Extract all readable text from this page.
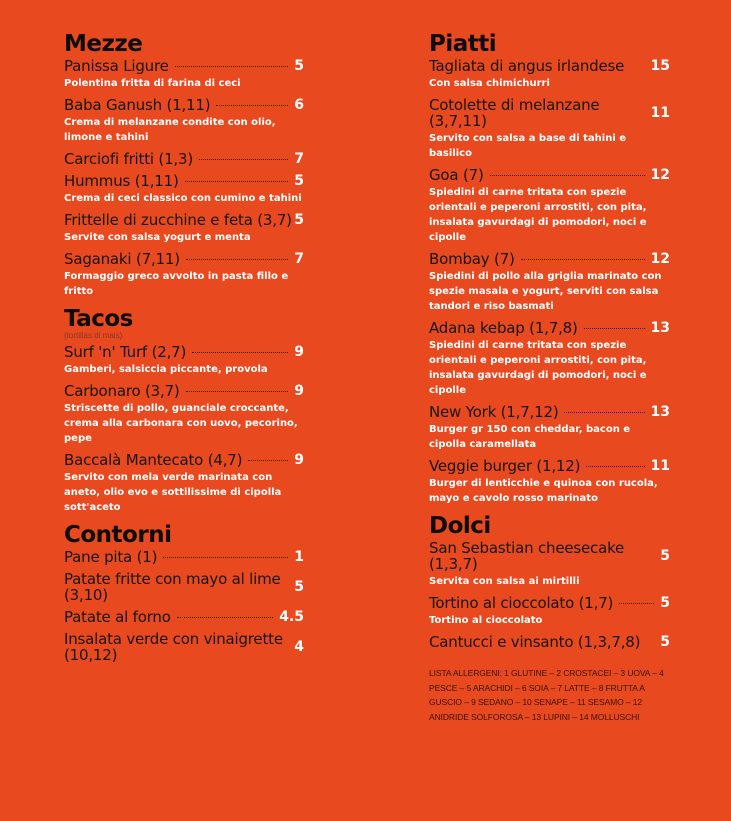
Mezze
Panissa Ligure	5
Polentina fritta di farina di ceci
Baba Ganush (1,11)	6
Crema di melanzane condite con olio, limone e tahini
Carciofi fritti (1,3)	7
Hummus (1,11)	5
Crema di ceci classico con cumino e tahini
Frittelle di zucchine e feta (3,7) 5
Servite con salsa yogurt e menta
Saganaki (7,11)	7
Formaggio greco avvolto in pasta fillo e fritto
Tacos
(tortillas di mais)
Surf 'n' Turf (2,7)	9
Gamberi, salsiccia piccante, provola
Carbonaro (3,7)	9
Striscette di pollo, guanciale croccante, crema alla carbonara con uovo, pecorino, pepe
Baccalà Mantecato (4,7)	9
Servito con mela verde marinata con aneto, olio evo e sottilissime di cipolla sott'aceto
Contorni
Pane pita (1)	1
Patate fritte con mayo al lime (3,10)	5
Patate al forno	4.5
Insalata verde con vinaigrette (10,12)	4
Piatti
Tagliata di angus irlandese	15
Con salsa chimichurri
Cotolette di melanzane (3,7,11)	11
Servito con salsa a base di tahini e basilico
Goa (7)	12
Spiedini di carne tritata con spezie orientali e peperoni arrostiti, con pita, insalata gavurdagi di pomodori, noci e cipolle
Bombay (7)	12
Spiedini di pollo alla griglia marinato con spezie masala e yogurt, serviti con salsa tandori e riso basmati
Adana kebap (1,7,8)	13
Spiedini di carne tritata con spezie orientali e peperoni arrostiti, con pita, insalata gavurdagi di pomodori, noci e cipolle
New York (1,7,12)	13
Burger gr 150 con cheddar, bacon e cipolla caramellata
Veggie burger (1,12)	11
Burger di lenticchie e quinoa con rucola, mayo e cavolo rosso marinato
Dolci
San Sebastian cheesecake (1,3,7)	5
Servita con salsa ai mirtilli
Tortino al cioccolato (1,7)	5
Tortino al cioccolato
Cantucci e vinsanto (1,3,7,8)	5
LISTA ALLERGENI: 1 GLUTINE – 2 CROSTACEI – 3 UOVA – 4 PESCE – 5 ARACHIDI – 6 SOIA – 7 LATTE – 8 FRUTTA A GUSCIO – 9 SEDANO – 10 SENAPE – 11 SESAMO – 12 ANIDRIDE SOLFOROSA – 13 LUPINI – 14 MOLLUSCHI
